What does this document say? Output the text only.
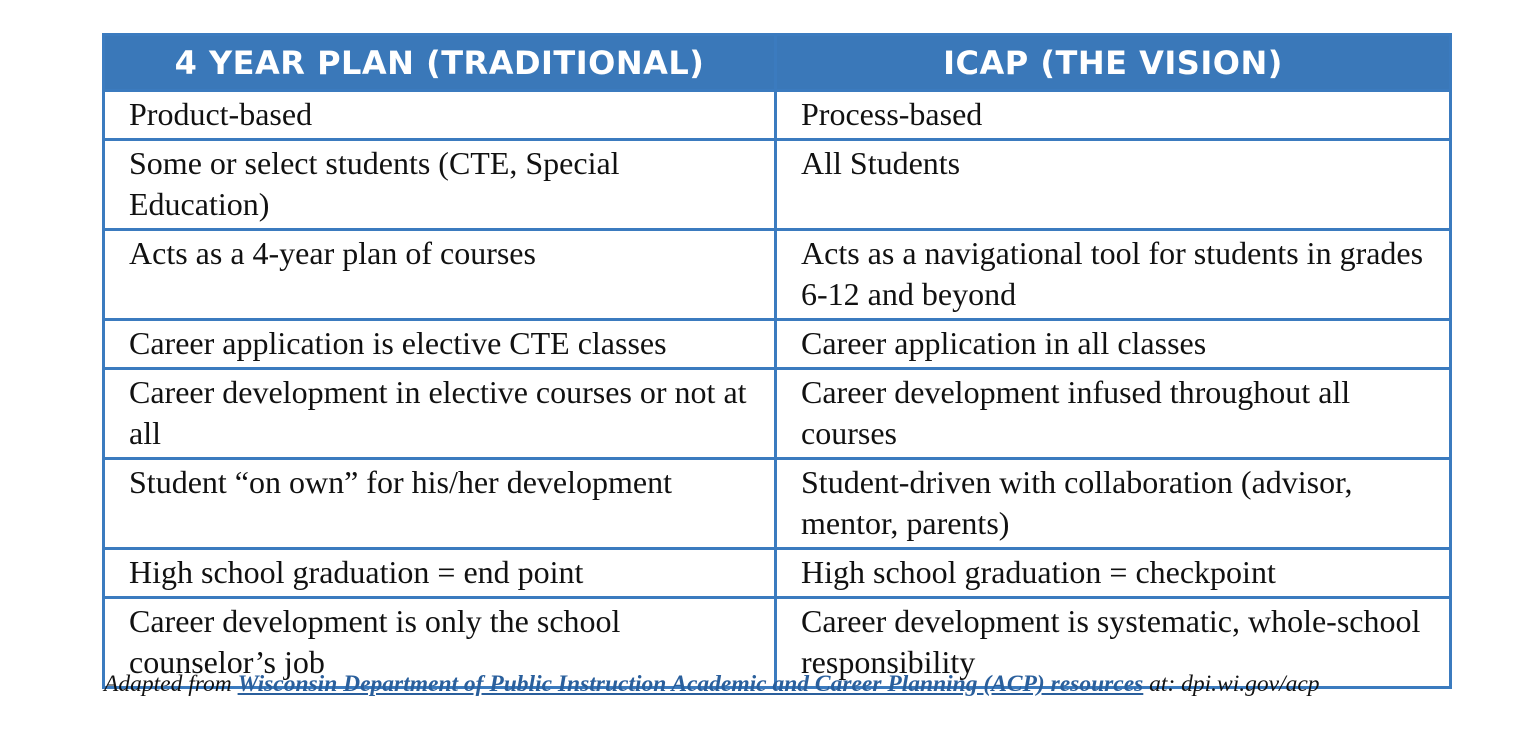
4 YEAR PLAN (TRADITIONAL)	ICAP (THE VISION)
Product-based	Process-based
Some or select students (CTE, Special Education)	All Students
Acts as a 4-year plan of courses	Acts as a navigational tool for students in grades 6-12 and beyond
Career application is elective CTE classes	Career application in all classes
Career development in elective courses or not at all	Career development infused throughout all courses
Student “on own” for his/her development	Student-driven with collaboration (advisor, mentor, parents)
High school graduation = end point	High school graduation = checkpoint
Career development is only the school counselor’s job	Career development is systematic, whole-school responsibility
Adapted from Wisconsin Department of Public Instruction Academic and Career Planning (ACP) resources at: dpi.wi.gov/acp
